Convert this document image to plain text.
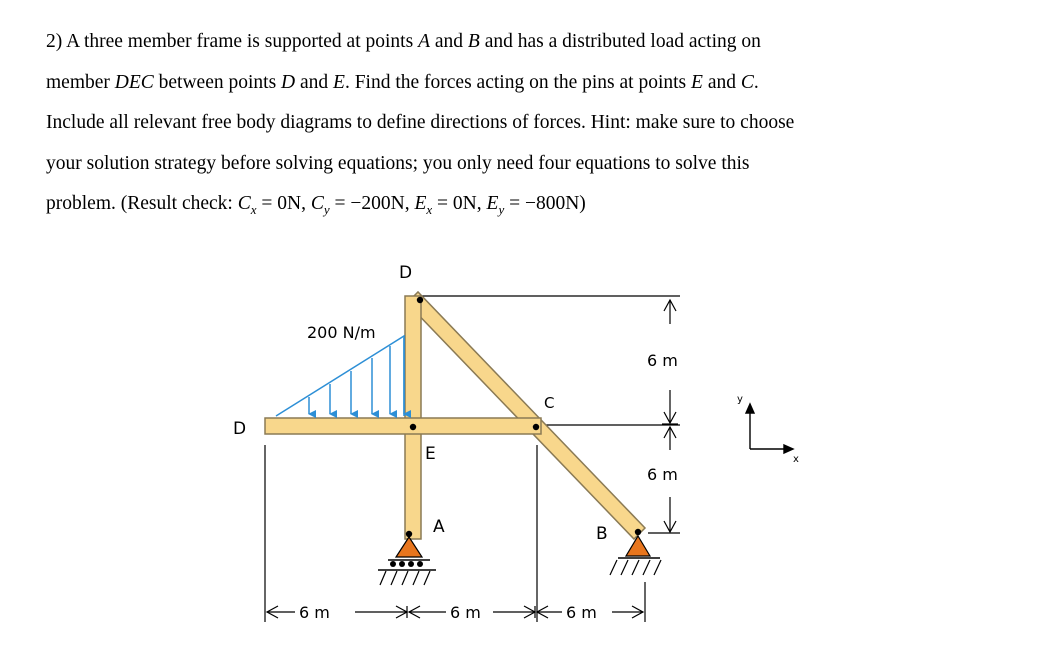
2) A three member frame is supported at points A and B and has a distributed load acting on

member DEC between points D and E. Find the forces acting on the pins at points E and C.

Include all relevant free body diagrams to define directions of forces. Hint: make sure to choose

your solution strategy before solving equations; you only need four equations to solve this

problem. (Result check: $C_x = 0N$, $C_y = -200N$, $E_x = 0N$, $E_y = -800N$)

D
D
E
A
C
B
200 N/m
6 m
6 m
6 m	6 m	6 m
y
x
